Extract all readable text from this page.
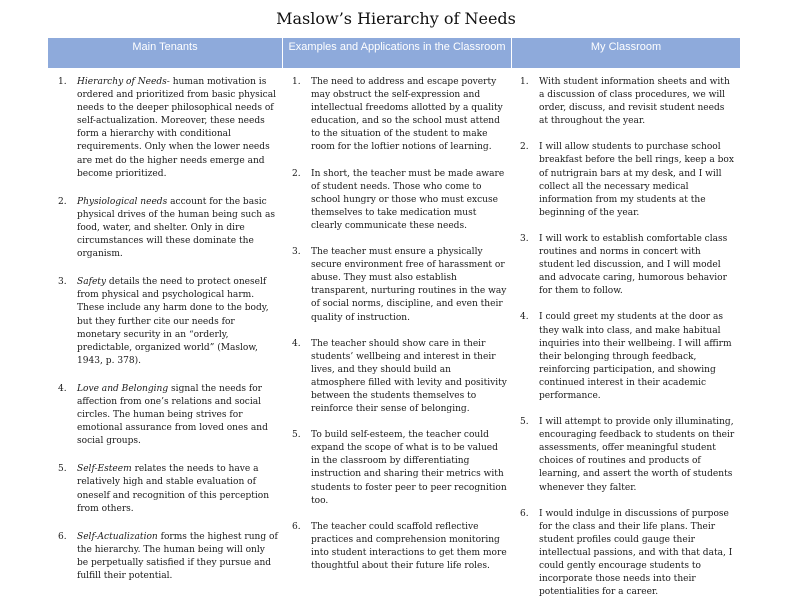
Maslow’s Hierarchy of Needs
Main Tenants	Examples and Applications in the Classroom	My Classroom
1. Hierarchy of Needs- human motivation is ordered and prioritized from basic physical needs to the deeper philosophical needs of self-actualization. Moreover, these needs form a hierarchy with conditional requirements. Only when the lower needs are met do the higher needs emerge and become prioritized.
2. Physiological needs account for the basic physical drives of the human being such as food, water, and shelter. Only in dire circumstances will these dominate the organism.
3. Safety details the need to protect oneself from physical and psychological harm. These include any harm done to the body, but they further cite our needs for monetary security in an “orderly, predictable, organized world” (Maslow, 1943, p. 378).
4. Love and Belonging signal the needs for affection from one’s relations and social circles. The human being strives for emotional assurance from loved ones and social groups.
5. Self-Esteem relates the needs to have a relatively high and stable evaluation of oneself and recognition of this perception from others.
6. Self-Actualization forms the highest rung of the hierarchy. The human being will only be perpetually satisfied if they pursue and fulfill their potential.
1. The need to address and escape poverty may obstruct the self-expression and intellectual freedoms allotted by a quality education, and so the school must attend to the situation of the student to make room for the loftier notions of learning.
2. In short, the teacher must be made aware of student needs. Those who come to school hungry or those who must excuse themselves to take medication must clearly communicate these needs.
3. The teacher must ensure a physically secure environment free of harassment or abuse. They must also establish transparent, nurturing routines in the way of social norms, discipline, and even their quality of instruction.
4. The teacher should show care in their students’ wellbeing and interest in their lives, and they should build an atmosphere filled with levity and positivity between the students themselves to reinforce their sense of belonging.
5. To build self-esteem, the teacher could expand the scope of what is to be valued in the classroom by differentiating instruction and sharing their metrics with students to foster peer to peer recognition too.
6. The teacher could scaffold reflective practices and comprehension monitoring into student interactions to get them more thoughtful about their future life roles.
1. With student information sheets and with a discussion of class procedures, we will order, discuss, and revisit student needs at throughout the year.
2. I will allow students to purchase school breakfast before the bell rings, keep a box of nutrigrain bars at my desk, and I will collect all the necessary medical information from my students at the beginning of the year.
3. I will work to establish comfortable class routines and norms in concert with student led discussion, and I will model and advocate caring, humorous behavior for them to follow.
4. I could greet my students at the door as they walk into class, and make habitual inquiries into their wellbeing. I will affirm their belonging through feedback, reinforcing participation, and showing continued interest in their academic performance.
5. I will attempt to provide only illuminating, encouraging feedback to students on their assessments, offer meaningful student choices of routines and products of learning, and assert the worth of students whenever they falter.
6. I would indulge in discussions of purpose for the class and their life plans. Their student profiles could gauge their intellectual passions, and with that data, I could gently encourage students to incorporate those needs into their potentialities for a career.
